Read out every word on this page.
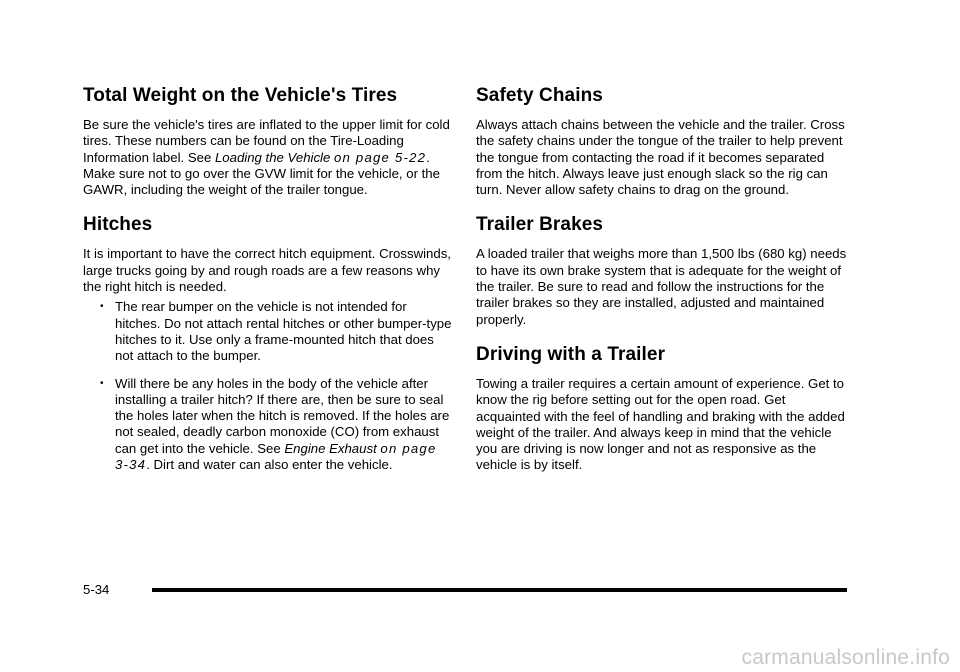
Total Weight on the Vehicle's Tires

Be sure the vehicle's tires are inflated to the upper limit for cold tires. These numbers can be found on the Tire-Loading Information label. See Loading the Vehicle on page 5-22. Make sure not to go over the GVW limit for the vehicle, or the GAWR, including the weight of the trailer tongue.

Hitches

It is important to have the correct hitch equipment. Crosswinds, large trucks going by and rough roads are a few reasons why the right hitch is needed.

• The rear bumper on the vehicle is not intended for hitches. Do not attach rental hitches or other bumper-type hitches to it. Use only a frame-mounted hitch that does not attach to the bumper.
• Will there be any holes in the body of the vehicle after installing a trailer hitch? If there are, then be sure to seal the holes later when the hitch is removed. If the holes are not sealed, deadly carbon monoxide (CO) from exhaust can get into the vehicle. See Engine Exhaust on page 3-34. Dirt and water can also enter the vehicle.
Safety Chains

Always attach chains between the vehicle and the trailer. Cross the safety chains under the tongue of the trailer to help prevent the tongue from contacting the road if it becomes separated from the hitch. Always leave just enough slack so the rig can turn. Never allow safety chains to drag on the ground.

Trailer Brakes

A loaded trailer that weighs more than 1,500 lbs (680 kg) needs to have its own brake system that is adequate for the weight of the trailer. Be sure to read and follow the instructions for the trailer brakes so they are installed, adjusted and maintained properly.

Driving with a Trailer

Towing a trailer requires a certain amount of experience. Get to know the rig before setting out for the open road. Get acquainted with the feel of handling and braking with the added weight of the trailer. And always keep in mind that the vehicle you are driving is now longer and not as responsive as the vehicle is by itself.

5-34
carmanualsonline.info
